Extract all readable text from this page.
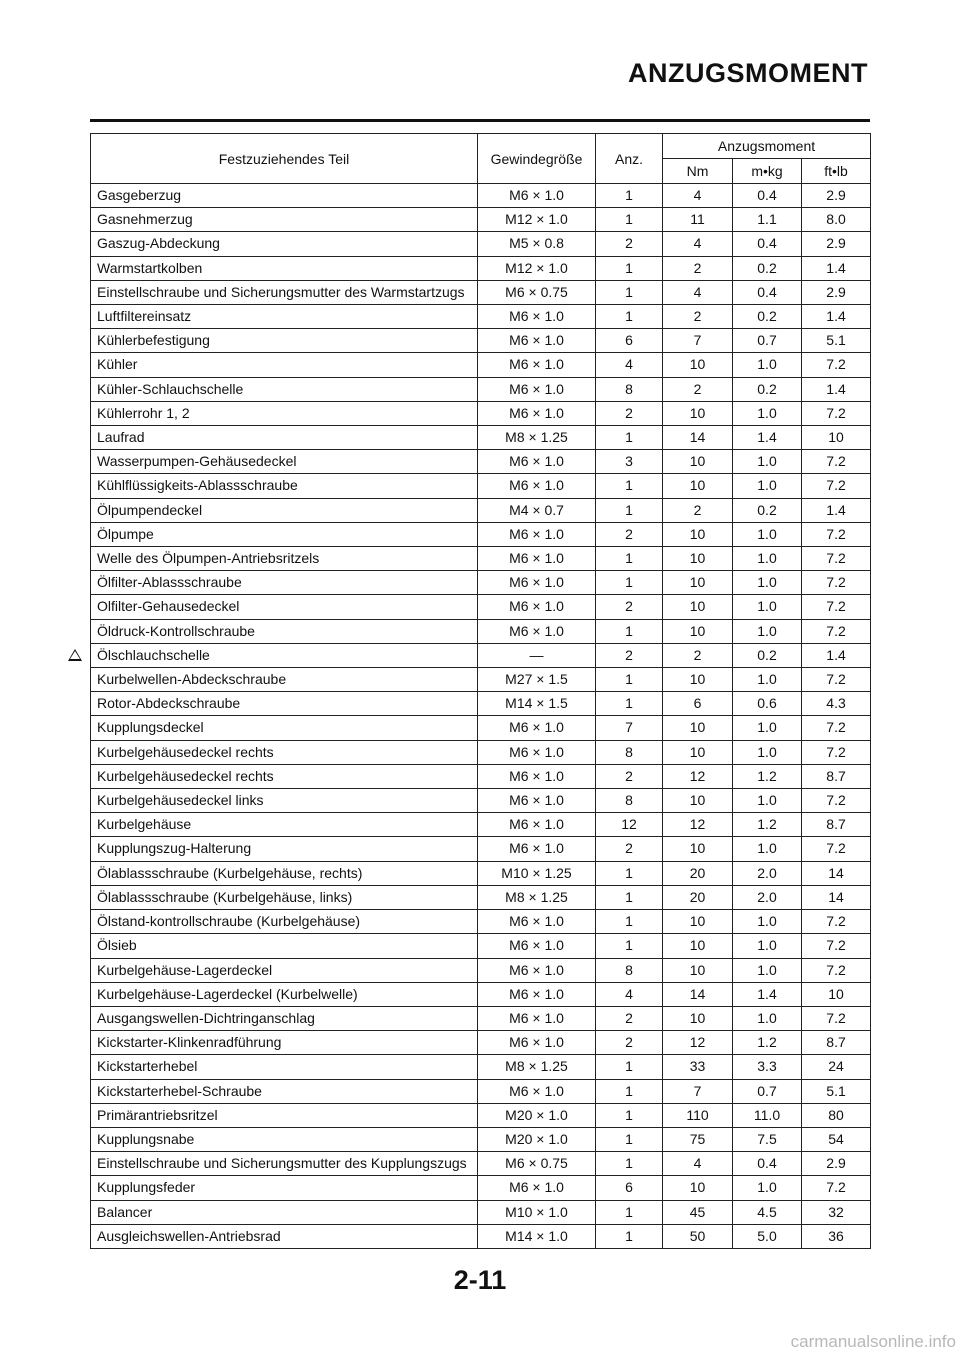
ANZUGSMOMENT
Festzuziehendes Teil	Gewindegröße	Anz.	Anzugsmoment		
			Nm	m•kg	ft•lb
Gasgeberzug	M6 × 1.0	1	4	0.4	2.9
Gasnehmerzug	M12 × 1.0	1	11	1.1	8.0
Gaszug-Abdeckung	M5 × 0.8	2	4	0.4	2.9
Warmstartkolben	M12 × 1.0	1	2	0.2	1.4
Einstellschraube und Sicherungsmutter des Warmstartzugs	M6 × 0.75	1	4	0.4	2.9
Luftfiltereinsatz	M6 × 1.0	1	2	0.2	1.4
Kühlerbefestigung	M6 × 1.0	6	7	0.7	5.1
Kühler	M6 × 1.0	4	10	1.0	7.2
Kühler-Schlauchschelle	M6 × 1.0	8	2	0.2	1.4
Kühlerrohr 1, 2	M6 × 1.0	2	10	1.0	7.2
Laufrad	M8 × 1.25	1	14	1.4	10
Wasserpumpen-Gehäusedeckel	M6 × 1.0	3	10	1.0	7.2
Kühlflüssigkeits-Ablassschraube	M6 × 1.0	1	10	1.0	7.2
Ölpumpendeckel	M4 × 0.7	1	2	0.2	1.4
Ölpumpe	M6 × 1.0	2	10	1.0	7.2
Welle des Ölpumpen-Antriebsritzels	M6 × 1.0	1	10	1.0	7.2
Ölfilter-Ablassschraube	M6 × 1.0	1	10	1.0	7.2
Olfilter-Gehausedeckel	M6 × 1.0	2	10	1.0	7.2
Öldruck-Kontrollschraube	M6 × 1.0	1	10	1.0	7.2
Ölschlauchschelle	—	2	2	0.2	1.4
Kurbelwellen-Abdeckschraube	M27 × 1.5	1	10	1.0	7.2
Rotor-Abdeckschraube	M14 × 1.5	1	6	0.6	4.3
Kupplungsdeckel	M6 × 1.0	7	10	1.0	7.2
Kurbelgehäusedeckel rechts	M6 × 1.0	8	10	1.0	7.2
Kurbelgehäusedeckel rechts	M6 × 1.0	2	12	1.2	8.7
Kurbelgehäusedeckel links	M6 × 1.0	8	10	1.0	7.2
Kurbelgehäuse	M6 × 1.0	12	12	1.2	8.7
Kupplungszug-Halterung	M6 × 1.0	2	10	1.0	7.2
Ölablassschraube (Kurbelgehäuse, rechts)	M10 × 1.25	1	20	2.0	14
Ölablassschraube (Kurbelgehäuse, links)	M8 × 1.25	1	20	2.0	14
Ölstand-kontrollschraube (Kurbelgehäuse)	M6 × 1.0	1	10	1.0	7.2
Ölsieb	M6 × 1.0	1	10	1.0	7.2
Kurbelgehäuse-Lagerdeckel	M6 × 1.0	8	10	1.0	7.2
Kurbelgehäuse-Lagerdeckel (Kurbelwelle)	M6 × 1.0	4	14	1.4	10
Ausgangswellen-Dichtringanschlag	M6 × 1.0	2	10	1.0	7.2
Kickstarter-Klinkenradführung	M6 × 1.0	2	12	1.2	8.7
Kickstarterhebel	M8 × 1.25	1	33	3.3	24
Kickstarterhebel-Schraube	M6 × 1.0	1	7	0.7	5.1
Primärantriebsritzel	M20 × 1.0	1	110	11.0	80
Kupplungsnabe	M20 × 1.0	1	75	7.5	54
Einstellschraube und Sicherungsmutter des Kupplungszugs	M6 × 0.75	1	4	0.4	2.9
Kupplungsfeder	M6 × 1.0	6	10	1.0	7.2
Balancer	M10 × 1.0	1	45	4.5	32
Ausgleichswellen-Antriebsrad	M14 × 1.0	1	50	5.0	36
2-11
carmanualsonline.info
